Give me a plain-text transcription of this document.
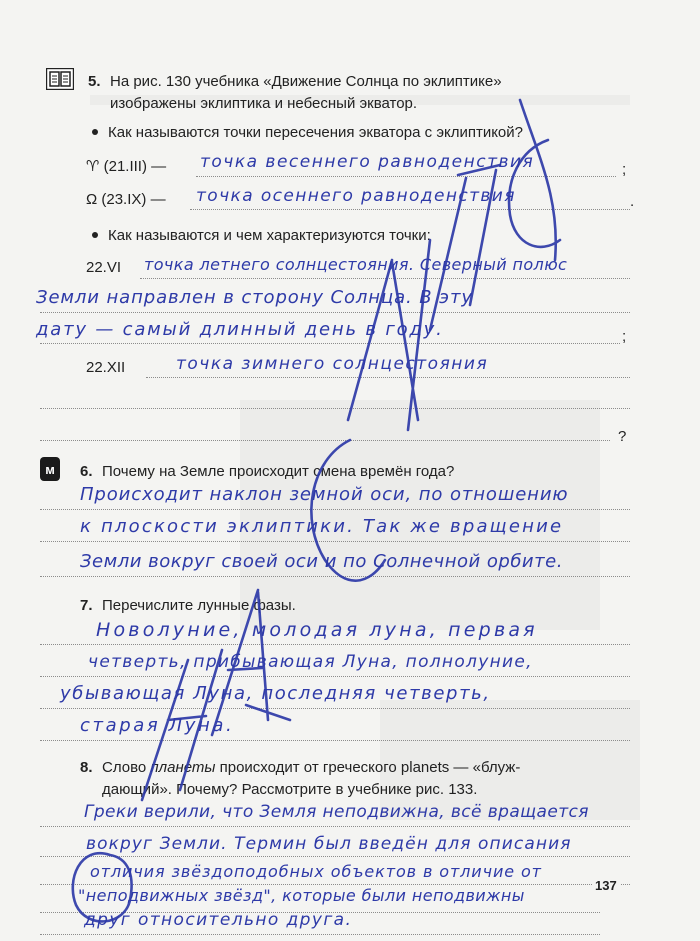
5. На рис. 130 учебника «Движение Солнца по эклиптике»
изображены эклиптика и небесный экватор.
Как называются точки пересечения экватора с эклиптикой?
♈ (21.III) — точка весеннего равноденствия	;
Ω (23.IX) — точка осеннего равноденствия	.
Как называются и чем характеризуются точки:
22.VI точка летнего солнцестояния. Северный полюс
Земли направлен в сторону Солнца. В эту
дату — самый длинный день в году.	;
22.XII	точка зимнего солнцестояния
?
м 6. Почему на Земле происходит смена времён года?
Происходит наклон земной оси, по отношению
к плоскости эклиптики. Так же вращение
Земли вокруг своей оси и по Солнечной орбите.
7. Перечислите лунные фазы.
Новолуние, молодая луна, первая
четверть, прибывающая Луна, полнолуние,
убывающая Луна, последняя четверть,
старая Луна.
8. Слово планеты происходит от греческого planets — «блуж-
дающий». Почему? Рассмотрите в учебнике рис. 133.
Греки верили, что Земля неподвижна, всё вращается
вокруг Земли. Термин был введён для описания
отличия звёздоподобных объектов в отличие от
"неподвижных звёзд", которые были неподвижны
друг относительно друга.
137
